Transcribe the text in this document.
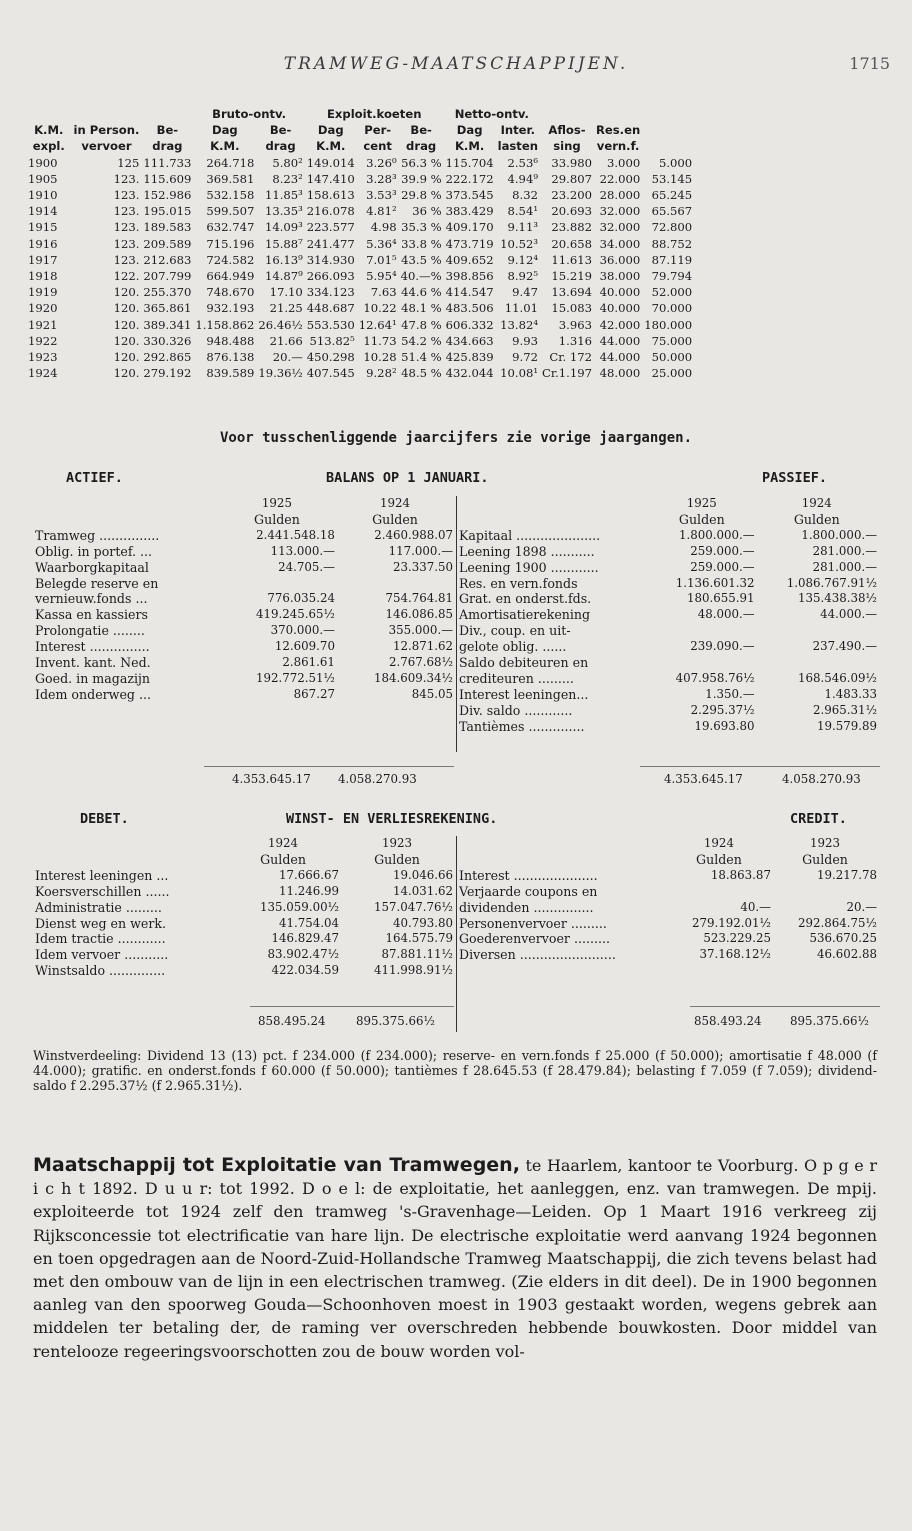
TRAMWEG-MAATSCHAPPIJEN.	1715
			Bruto-ontv.		Exploit.koeten			Netto-ontv.				
K.M.	in Person.	Be-	Dag	Be-	Dag	Per-	Be-	Dag	Inter.	Aflos-	Res.en	
expl.	vervoer	drag	K.M.	drag	K.M.	cent	drag	K.M.	lasten	sing	vern.f.	
1900	125	111.733	264.718	5.80²	149.014	3.26⁰	56.3 %	115.704	2.53⁶	33.980	3.000	5.000
1905	123.	115.609	369.581	8.23²	147.410	3.28³	39.9 %	222.172	4.94⁹	29.807	22.000	53.145
1910	123.	152.986	532.158	11.85³	158.613	3.53³	29.8 %	373.545	8.32	23.200	28.000	65.245
1914	123.	195.015	599.507	13.35³	216.078	4.81²	36 %	383.429	8.54¹	20.693	32.000	65.567
1915	123.	189.583	632.747	14.09³	223.577	4.98	35.3 %	409.170	9.11³	23.882	32.000	72.800
1916	123.	209.589	715.196	15.88⁷	241.477	5.36⁴	33.8 %	473.719	10.52³	20.658	34.000	88.752
1917	123.	212.683	724.582	16.13⁹	314.930	7.01⁵	43.5 %	409.652	9.12⁴	11.613	36.000	87.119
1918	122.	207.799	664.949	14.87⁹	266.093	5.95⁴	40.—%	398.856	8.92⁵	15.219	38.000	79.794
1919	120.	255.370	748.670	17.10	334.123	7.63	44.6 %	414.547	9.47	13.694	40.000	52.000
1920	120.	365.861	932.193	21.25	448.687	10.22	48.1 %	483.506	11.01	15.083	40.000	70.000
1921	120.	389.341	1.158.862	26.46½	553.530	12.64¹	47.8 %	606.332	13.82⁴	3.963	42.000	180.000
1922	120.	330.326	948.488	21.66	513.82⁵	11.73	54.2 %	434.663	9.93	1.316	44.000	75.000
1923	120.	292.865	876.138	20.—	450.298	10.28	51.4 %	425.839	9.72	Cr. 172	44.000	50.000
1924	120.	279.192	839.589	19.36½	407.545	9.28²	48.5 %	432.044	10.08¹	Cr.1.197	48.000	25.000
Voor tusschenliggende jaarcijfers zie vorige jaargangen.
ACTIEF.	BALANS OP 1 JANUARI.	PASSIEF.
	1925	1924
	Gulden	Gulden
Tramweg ...............	2.441.548.18	2.460.988.07
Oblig. in portef. ...	113.000.—	117.000.—
Waarborgkapitaal	24.705.—	23.337.50
Belegde reserve en		
vernieuw.fonds ...	776.035.24	754.764.81
Kassa en kassiers	419.245.65½	146.086.85
Prolongatie ........	370.000.—	355.000.—
Interest ...............	12.609.70	12.871.62
Invent. kant. Ned.	2.861.61	2.767.68½
Goed. in magazijn	192.772.51½	184.609.34½
Idem onderweg ...	867.27	845.05
	1925	1924
	Gulden	Gulden
Kapitaal .....................	1.800.000.—	1.800.000.—
Leening 1898 ...........	259.000.—	281.000.—
Leening 1900 ............	259.000.—	281.000.—
Res. en vern.fonds	1.136.601.32	1.086.767.91½
Grat. en onderst.fds.	180.655.91	135.438.38½
Amortisatierekening	48.000.—	44.000.—
Div., coup. en uit-		
gelote oblig. ......	239.090.—	237.490.—
Saldo debiteuren en		
crediteuren .........	407.958.76½	168.546.09½
Interest leeningen...	1.350.—	1.483.33
Div. saldo ............	2.295.37½	2.965.31½
Tantièmes ..............	19.693.80	19.579.89
4.353.645.17 4.058.270.93	4.353.645.17	4.058.270.93
DEBET.	WINST- EN VERLIESREKENING.	CREDIT.
	1924	1923
	Gulden	Gulden
Interest leeningen ...	17.666.67	19.046.66
Koersverschillen ......	11.246.99	14.031.62
Administratie .........	135.059.00½	157.047.76½
Dienst weg en werk.	41.754.04	40.793.80
Idem tractie ............	146.829.47	164.575.79
Idem vervoer ...........	83.902.47½	87.881.11½
Winstsaldo ..............	422.034.59	411.998.91½
	1924	1923
	Gulden	Gulden
Interest .....................	18.863.87	19.217.78
Verjaarde coupons en		
dividenden ...............	40.—	20.—
Personenvervoer .........	279.192.01½	292.864.75½
Goederenvervoer .........	523.229.25	536.670.25
Diversen ........................	37.168.12½	46.602.88
858.495.24	895.375.66½	858.493.24 895.375.66½
Winstverdeeling: Dividend 13 (13) pct. f 234.000 (f 234.000); reserve- en vern.fonds f 25.000 (f 50.000); amortisatie f 48.000 (f 44.000); gratific. en onderst.fonds f 60.000 (f 50.000); tantièmes f 28.645.53 (f 28.479.84); belasting f 7.059 (f 7.059); dividend-saldo f 2.295.37½ (f 2.965.31½).
Maatschappij tot Exploitatie van Tramwegen, te Haarlem, kantoor te Voorburg. O p g e r i c h t 1892. D u u r: tot 1992. D o e l: de exploitatie, het aanleggen, enz. van tramwegen. De mpij. exploiteerde tot 1924 zelf den tramweg 's-Gravenhage—Leiden. Op 1 Maart 1916 verkreeg zij Rijksconcessie tot electrificatie van hare lijn. De electrische exploitatie werd aanvang 1924 begonnen en toen opgedragen aan de Noord-Zuid-Hollandsche Tramweg Maatschappij, die zich tevens belast had met den ombouw van de lijn in een electrischen tramweg. (Zie elders in dit deel). De in 1900 begonnen aanleg van den spoorweg Gouda—Schoonhoven moest in 1903 gestaakt worden, wegens gebrek aan middelen ter betaling der, de raming ver overschreden hebbende bouwkosten. Door middel van rentelooze regeeringsvoorschotten zou de bouw worden vol-
